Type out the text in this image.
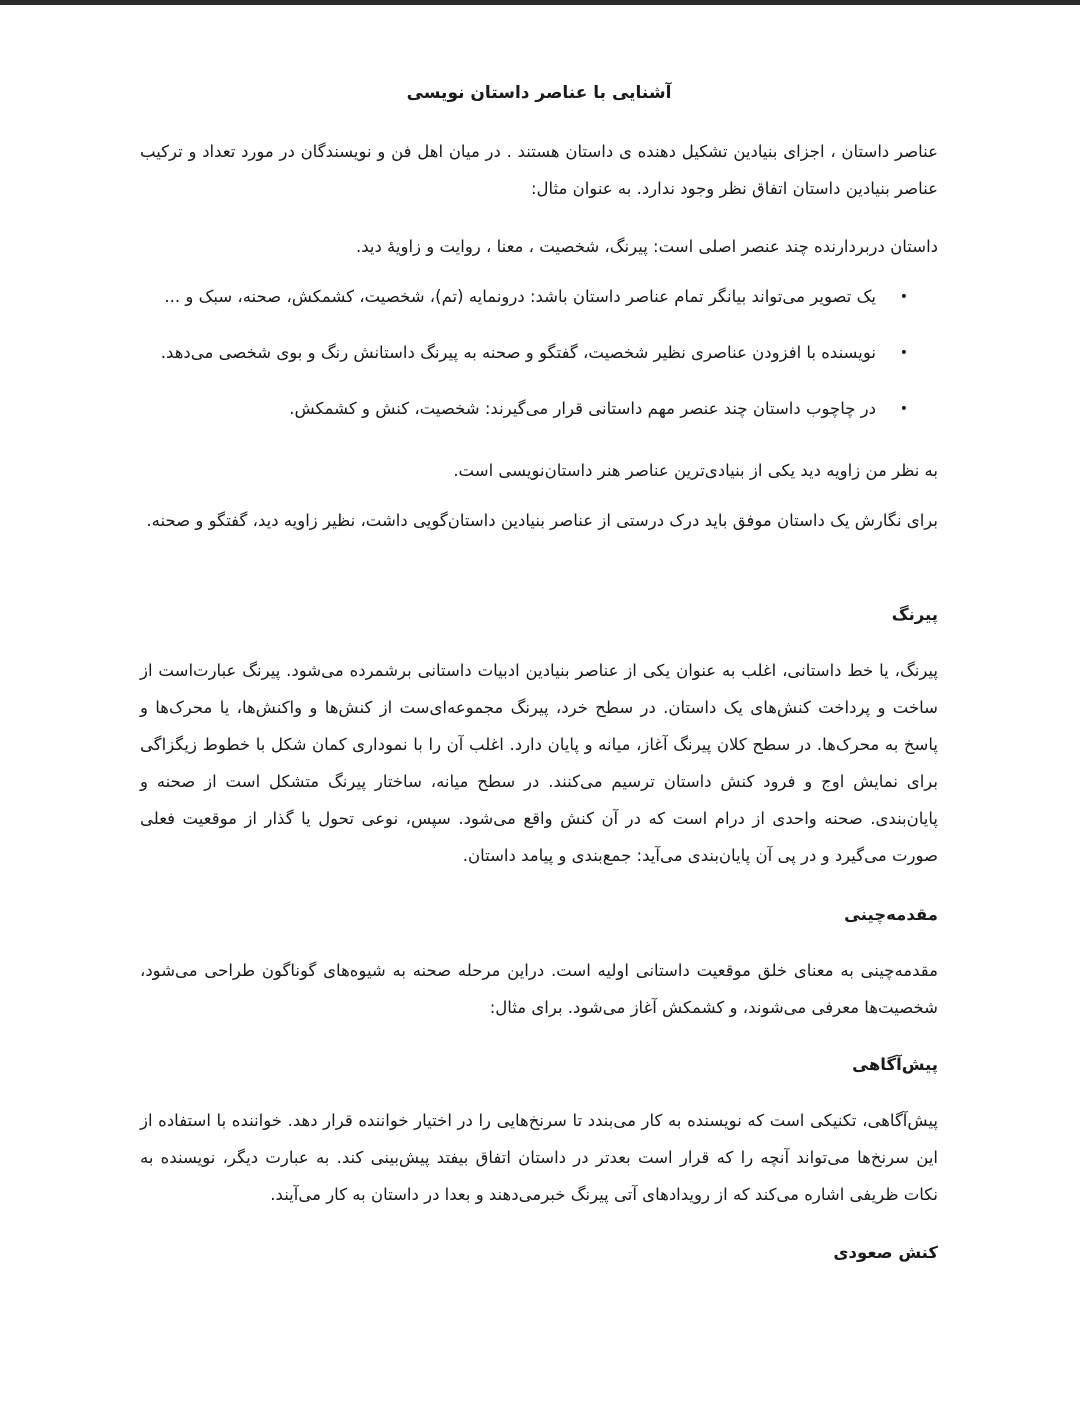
آشنایی با عناصر داستان نویسی

عناصر داستان ، اجزای بنیادین تشکیل دهنده ی داستان هستند . در میان اهل فن و نویسندگان در مورد تعداد و ترکیب عناصر بنیادین داستان اتفاق نظر وجود ندارد. به عنوان مثال:

داستان دربردارنده چند عنصر اصلی است: پیرنگ، شخصیت ، معنا ، روایت و زاویهٔ دید.

•
یک تصویر می‌تواند بیانگر تمام عناصر داستان باشد: درونمایه (تم)، شخصیت، کشمکش، صحنه، سبک و ...
•
نویسنده با افزودن عناصری نظیر شخصیت، گفتگو و صحنه به پیرنگ داستانش رنگ و بوی شخصی می‌دهد.
•
در چاچوب داستان چند عنصر مهم داستانی قرار می‌گیرند: شخصیت، کنش و کشمکش.

به نظر من زاویه دید یکی از بنیادی‌ترین عناصر هنر داستان‌نویسی است.

برای نگارش یک داستان موفق باید درک درستی از عناصر بنیادین داستان‌گویی داشت، نظیر زاویه دید، گفتگو و صحنه.

پیرنگ

پیرنگ، یا خط داستانی، اغلب به عنوان یکی از عناصر بنیادین ادبیات داستانی برشمرده می‌شود. پیرنگ عبارت‌است از ساخت و پرداخت کنش‌های یک داستان. در سطح خرد، پیرنگ مجموعه‌ای‌ست از کنش‌ها و واکنش‌ها، یا محرک‌ها و پاسخ به محرک‌ها. در سطح کلان پیرنگ آغاز، میانه و پایان دارد. اغلب آن را با نموداری کمان شکل با خطوط زیگزاگی برای نمایش اوج و فرود کنش داستان ترسیم می‌کنند. در سطح میانه، ساختار پیرنگ متشکل است از صحنه و پایان‌بندی. صحنه واحدی از درام است که در آن کنش واقع می‌شود. سپس، نوعی تحول یا گذار از موقعیت فعلی صورت می‌گیرد و در پی آن پایان‌بندی می‌آید: جمع‌بندی و پیامد داستان.

مقدمه‌چینی

مقدمه‌چینی به معنای خلق موقعیت داستانی اولیه است. دراین مرحله صحنه به شیوه‌های گوناگون طراحی می‌شود، شخصیت‌ها معرفی می‌شوند، و کشمکش آغاز می‌شود. برای مثال:

پیش‌آگاهی

پیش‌آگاهی، تکنیکی است که نویسنده به کار می‌بندد تا سرنخ‌هایی را در اختیار خواننده قرار دهد. خواننده با استفاده از این سرنخ‌ها می‌تواند آنچه را که قرار است بعدتر در داستان اتفاق بیفتد پیش‌بینی کند. به عبارت دیگر، نویسنده به نکات ظریفی اشاره می‌کند که از رویدادهای آتی پیرنگ خبرمی‌دهند و بعدا در داستان به کار می‌آیند.

کنش صعودی
